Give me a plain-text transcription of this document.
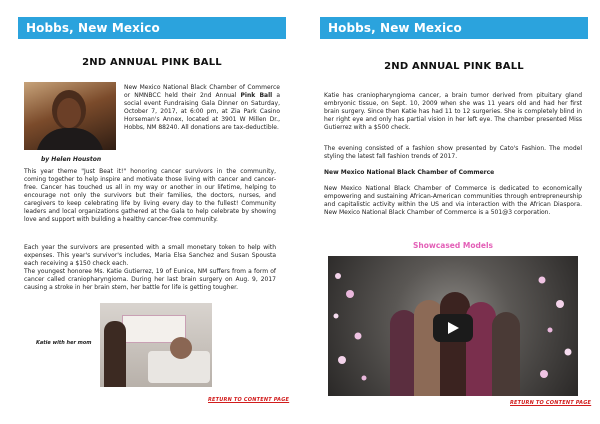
Hobbs, New Mexico
2ND ANNUAL PINK BALL
by Helen Houston
New Mexico National Black Chamber of Commerce or NMNBCC held their 2nd Annual Pink Ball a social event Fundraising Gala Dinner on Saturday, October 7, 2017, at 6:00 pm, at Zia Park Casino Horseman's Annex, located at 3901 W Millen Dr., Hobbs, NM 88240. All donations are tax-deductible.
This year theme "Just Beat it!" honoring cancer survivors in the community, coming together to help inspire and motivate those living with cancer and cancer-free. Cancer has touched us all in my way or another in our lifetime, helping to encourage not only the survivors but their families, the doctors, nurses, and caregivers to keep celebrating life by living every day to the fullest! Community leaders and local organizations gathered at the Gala to help celebrate by showing love and support with building a healthy cancer-free community.
Each year the survivors are presented with a small monetary token to help with expenses. This year's survivor's includes, Maria Elsa Sanchez and Susan Spousta each receiving a $150 check each.
The youngest honoree Ms. Katie Gutierrez, 19 of Eunice, NM suffers from a form of cancer called craniopharyngioma. During her last brain surgery on Aug. 9, 2017 causing a stroke in her brain stem, her battle for life is getting tougher.
Katie with her mom
RETURN TO CONTENT PAGE
Hobbs, New Mexico
2ND ANNUAL PINK BALL
Katie has craniopharyngioma cancer, a brain tumor derived from pituitary gland embryonic tissue, on Sept. 10, 2009 when she was 11 years old and had her first brain surgery. Since then Katie has had 11 to 12 surgeries. She is completely blind in her right eye and only has partial vision in her left eye. The chamber presented Miss Gutierrez with a $500 check.
The evening consisted of a fashion show presented by Cato's Fashion. The model styling the latest fall fashion trends of 2017.
New Mexico National Black Chamber of Commerce
New Mexico National Black Chamber of Commerce is dedicated to economically empowering and sustaining African-American communities through entrepreneurship and capitalistic activity within the US and via interaction with the African Diaspora. New Mexico National Black Chamber of Commerce is a 501@3 corporation.
Showcased Models
RETURN TO CONTENT PAGE
